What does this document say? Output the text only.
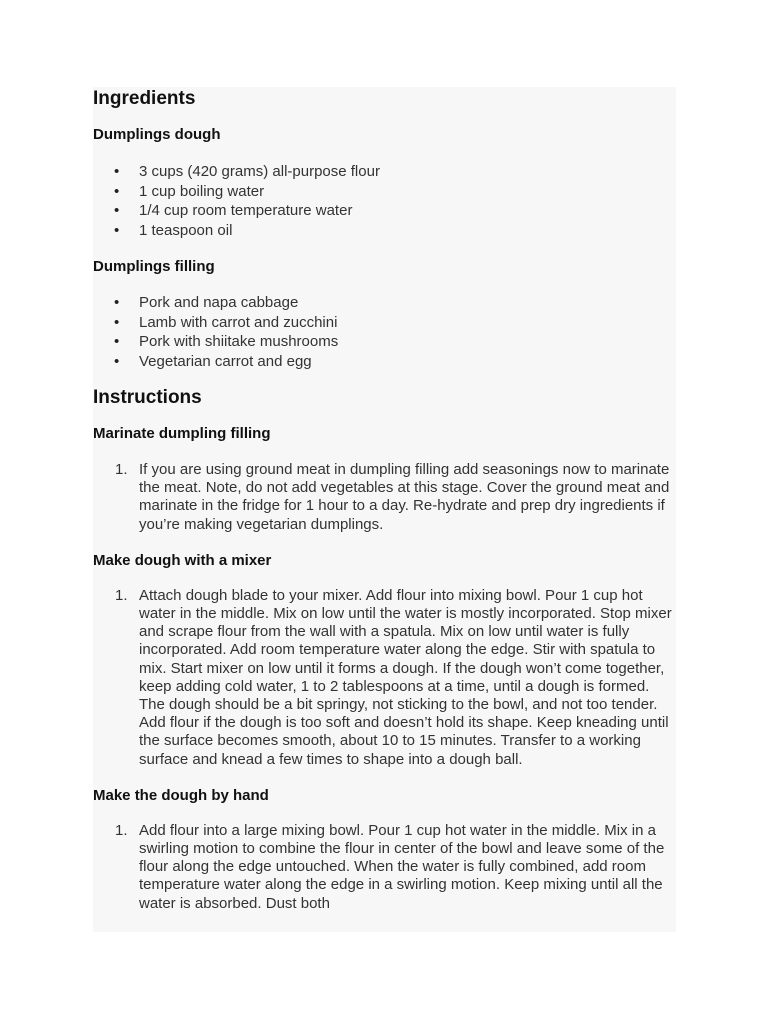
Ingredients
Dumplings dough
• 3 cups (420 grams) all-purpose flour
• 1 cup boiling water
• 1/4 cup room temperature water
• 1 teaspoon oil
Dumplings filling
• Pork and napa cabbage
• Lamb with carrot and zucchini
• Pork with shiitake mushrooms
• Vegetarian carrot and egg
Instructions
Marinate dumpling filling
1. If you are using ground meat in dumpling filling add seasonings now to marinate the meat. Note, do not add vegetables at this stage. Cover the ground meat and marinate in the fridge for 1 hour to a day. Re-hydrate and prep dry ingredients if you’re making vegetarian dumplings.
Make dough with a mixer
1. Attach dough blade to your mixer. Add flour into mixing bowl. Pour 1 cup hot water in the middle. Mix on low until the water is mostly incorporated. Stop mixer and scrape flour from the wall with a spatula. Mix on low until water is fully incorporated. Add room temperature water along the edge. Stir with spatula to mix. Start mixer on low until it forms a dough. If the dough won’t come together, keep adding cold water, 1 to 2 tablespoons at a time, until a dough is formed. The dough should be a bit springy, not sticking to the bowl, and not too tender. Add flour if the dough is too soft and doesn’t hold its shape. Keep kneading until the surface becomes smooth, about 10 to 15 minutes. Transfer to a working surface and knead a few times to shape into a dough ball.
Make the dough by hand
1. Add flour into a large mixing bowl. Pour 1 cup hot water in the middle. Mix in a swirling motion to combine the flour in center of the bowl and leave some of the flour along the edge untouched. When the water is fully combined, add room temperature water along the edge in a swirling motion. Keep mixing until all the water is absorbed. Dust both
